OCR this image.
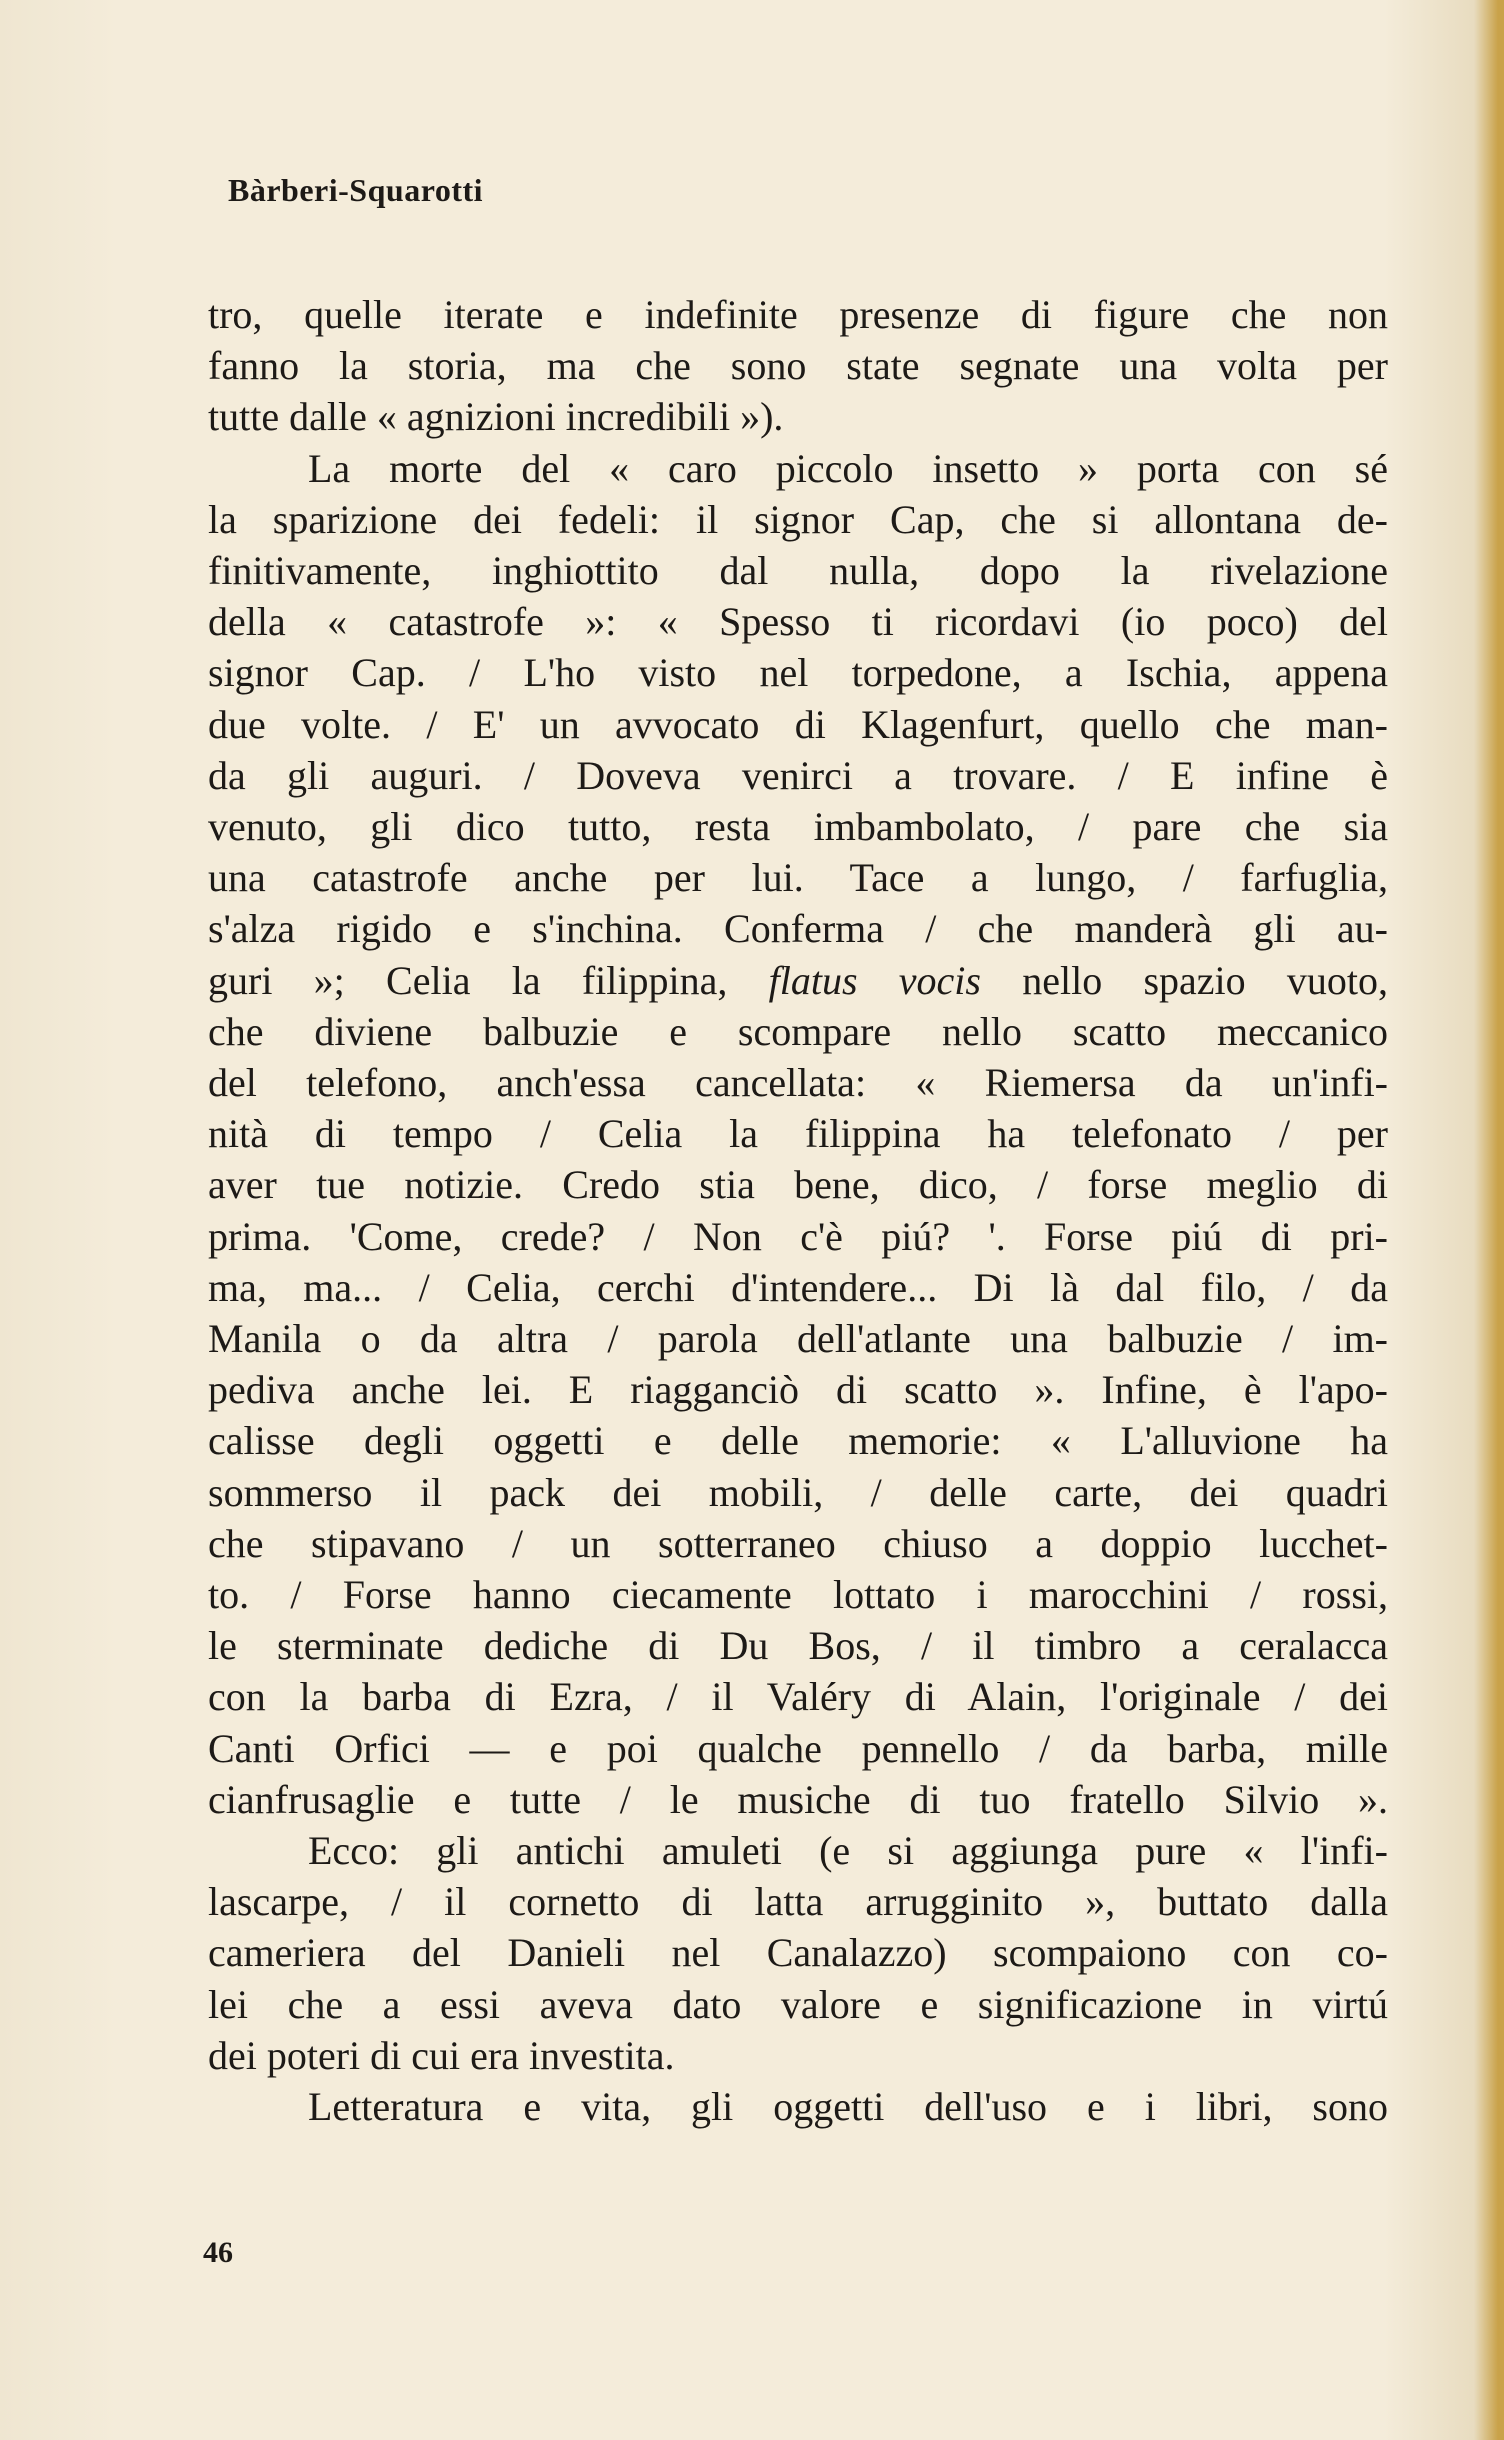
Bàrberi-Squarotti
tro, quelle iterate e indefinite presenze di figure che non
fanno la storia, ma che sono state segnate una volta per
tutte dalle « agnizioni incredibili »).
La morte del « caro piccolo insetto » porta con sé
la sparizione dei fedeli: il signor Cap, che si allontana de-
finitivamente, inghiottito dal nulla, dopo la rivelazione
della « catastrofe »: « Spesso ti ricordavi (io poco) del
signor Cap. / L'ho visto nel torpedone, a Ischia, appena
due volte. / E' un avvocato di Klagenfurt, quello che man-
da gli auguri. / Doveva venirci a trovare. / E infine è
venuto, gli dico tutto, resta imbambolato, / pare che sia
una catastrofe anche per lui. Tace a lungo, / farfuglia,
s'alza rigido e s'inchina. Conferma / che manderà gli au-
guri »; Celia la filippina, flatus vocis nello spazio vuoto,
che diviene balbuzie e scompare nello scatto meccanico
del telefono, anch'essa cancellata: « Riemersa da un'infi-
nità di tempo / Celia la filippina ha telefonato / per
aver tue notizie. Credo stia bene, dico, / forse meglio di
prima. 'Come, crede? / Non c'è piú? '. Forse piú di pri-
ma, ma... / Celia, cerchi d'intendere... Di là dal filo, / da
Manila o da altra / parola dell'atlante una balbuzie / im-
pediva anche lei. E riagganciò di scatto ». Infine, è l'apo-
calisse degli oggetti e delle memorie: « L'alluvione ha
sommerso il pack dei mobili, / delle carte, dei quadri
che stipavano / un sotterraneo chiuso a doppio lucchet-
to. / Forse hanno ciecamente lottato i marocchini / rossi,
le sterminate dediche di Du Bos, / il timbro a ceralacca
con la barba di Ezra, / il Valéry di Alain, l'originale / dei
Canti Orfici — e poi qualche pennello / da barba, mille
cianfrusaglie e tutte / le musiche di tuo fratello Silvio ».
Ecco: gli antichi amuleti (e si aggiunga pure « l'infi-
lascarpe, / il cornetto di latta arrugginito », buttato dalla
cameriera del Danieli nel Canalazzo) scompaiono con co-
lei che a essi aveva dato valore e significazione in virtú
dei poteri di cui era investita.
Letteratura e vita, gli oggetti dell'uso e i libri, sono
46
